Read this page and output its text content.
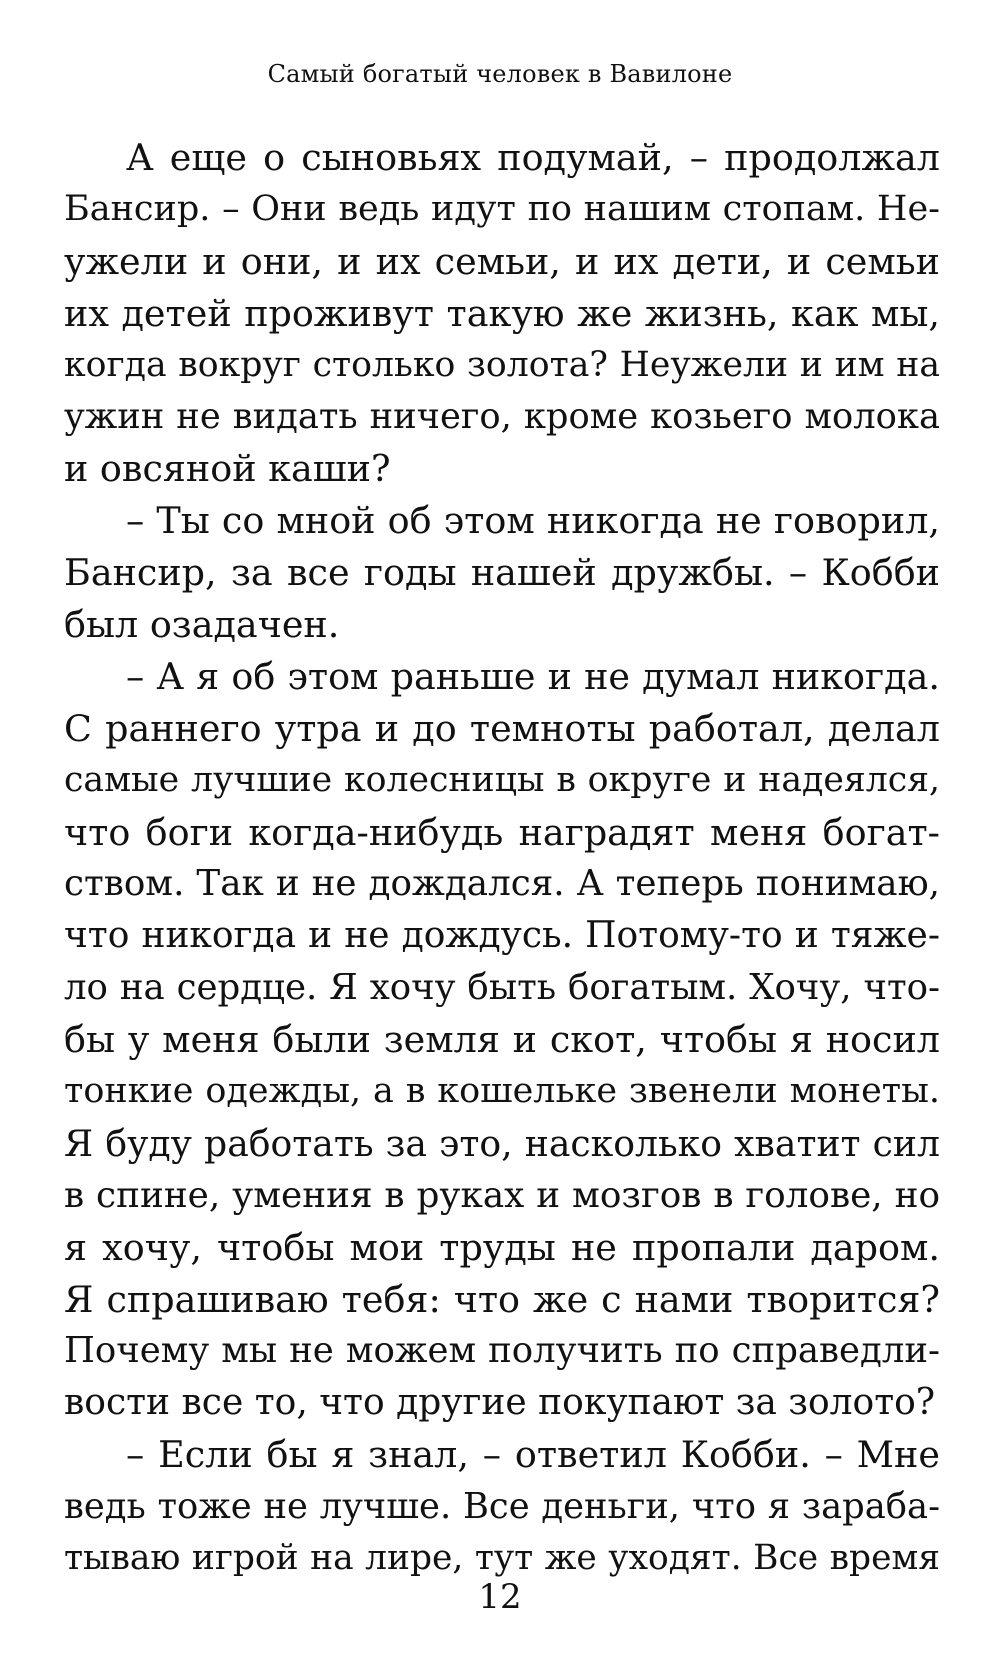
Самый богатый человек в Вавилоне
А еще о сыновьях подумай, – продолжал
Бансир. – Они ведь идут по нашим стопам. Не-
ужели и они, и их семьи, и их дети, и семьи
их детей проживут такую же жизнь, как мы,
когда вокруг столько золота? Неужели и им на
ужин не видать ничего, кроме козьего молока
и овсяной каши?
– Ты со мной об этом никогда не говорил,
Бансир, за все годы нашей дружбы. – Кобби
был озадачен.
– А я об этом раньше и не думал никогда.
С раннего утра и до темноты работал, делал
самые лучшие колесницы в округе и надеялся,
что боги когда-нибудь наградят меня богат-
ством. Так и не дождался. А теперь понимаю,
что никогда и не дождусь. Потому-то и тяже-
ло на сердце. Я хочу быть богатым. Хочу, что-
бы у меня были земля и скот, чтобы я носил
тонкие одежды, а в кошельке звенели монеты.
Я буду работать за это, насколько хватит сил
в спине, умения в руках и мозгов в голове, но
я хочу, чтобы мои труды не пропали даром.
Я спрашиваю тебя: что же с нами творится?
Почему мы не можем получить по справедли-
вости все то, что другие покупают за золото?
– Если бы я знал, – ответил Кобби. – Мне
ведь тоже не лучше. Все деньги, что я зараба-
тываю игрой на лире, тут же уходят. Все время
12
